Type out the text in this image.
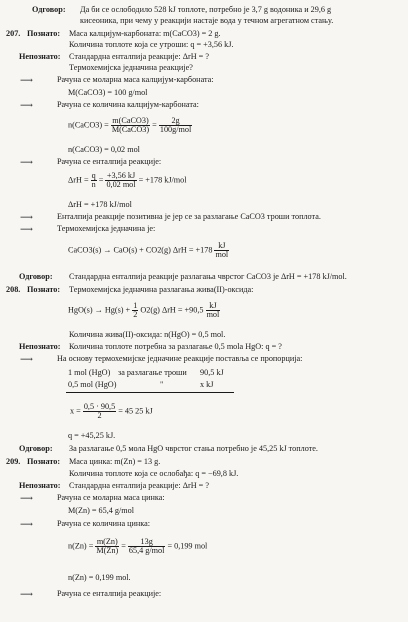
Одговор: Да би се ослободило 528 kJ топлоте, потребно је 3,7 g водоника и 29,6 g
кисеоника, при чему у реакцији настаје вода у течном агрегатном стању.
207. Познато: Маса калцијум-карбоната: m(CaCO3) = 2 g.
Количина топлоте која се утроши: q = +3,56 kJ.
Непознато: Стандардна енталпија реакције: ΔrH = ?
Термохемијска једначина реакције?
⟶	Рачуна се моларна маса калцијум-карбоната:
M(CaCO3) = 100 g/mol
⟶	Рачуна се количина калцијум-карбоната:
n(CaCO3) = $\frac{\text{m(CaCO3)}}{\text{M(CaCO3)}} = \frac{2g}{\text{100g/mol}}$
n(CaCO3) = 0,02 mol
⟶	Рачуна се енталпија реакције:
$\Delta rH = \frac{q}{n} = \frac{+3,56 kJ}{\text{0,02 mol}} = +178$ kJ/mol
ΔrH = +178 kJ/mol
⟶	Енталпија реакције позитивна је јер се за разлагање CaCO3 троши топлота.
⟶	Термохемијска једначина је:
CaCO3(s) → CaO(s) + CO2(g) $\Delta rH = +178 \frac{kJ}{\text{mol}}$
Одговор: Стандардна енталпија реакције разлагања чврстог CaCO3 је ΔrH = +178 kJ/mol.
208. Познато: Термохемијска једначина разлагања жива(II)-оксида:
$HgO(s) \to Hg(s) + \frac{1}{2} O2(g) \Delta rH = +90,5 \frac{kJ}{\text{mol}}$
Количина жива(II)-оксида: n(HgO) = 0,5 mol.
Непознато: Количина топлоте потребна за разлагање 0,5 mola HgO: q = ?
⟶	На основу термохемијске једначине реакције поставља се пропорција:
1 mol (HgO) за разлагање троши 90,5 kJ
0,5 mol (HgO)	"	x kJ
$x = \frac{0,5 \cdot 90,5}{2} = 45$ 25 kJ
q = +45,25 kJ.
Одговор: За разлагање 0,5 мола HgO чврстог стања потребно је 45,25 kJ топлоте.
209. Познато: Маса цинка: m(Zn) = 13 g.
Количина топлоте која се ослобађа: q = −69,8 kJ.
Непознато: Стандардна енталпија реакције: ΔrH = ?
⟶	Рачуна се моларна маса цинка:
M(Zn) = 65,4 g/mol
⟶	Рачуна се количина цинка:
$n(Zn) = \frac{m(Zn)}{M(Zn)} = \frac{13g}{\text{65,4 g/mol}} = 0,199$ mol
n(Zn) = 0,199 mol.
⟶	Рачуна се енталпија реакције:
